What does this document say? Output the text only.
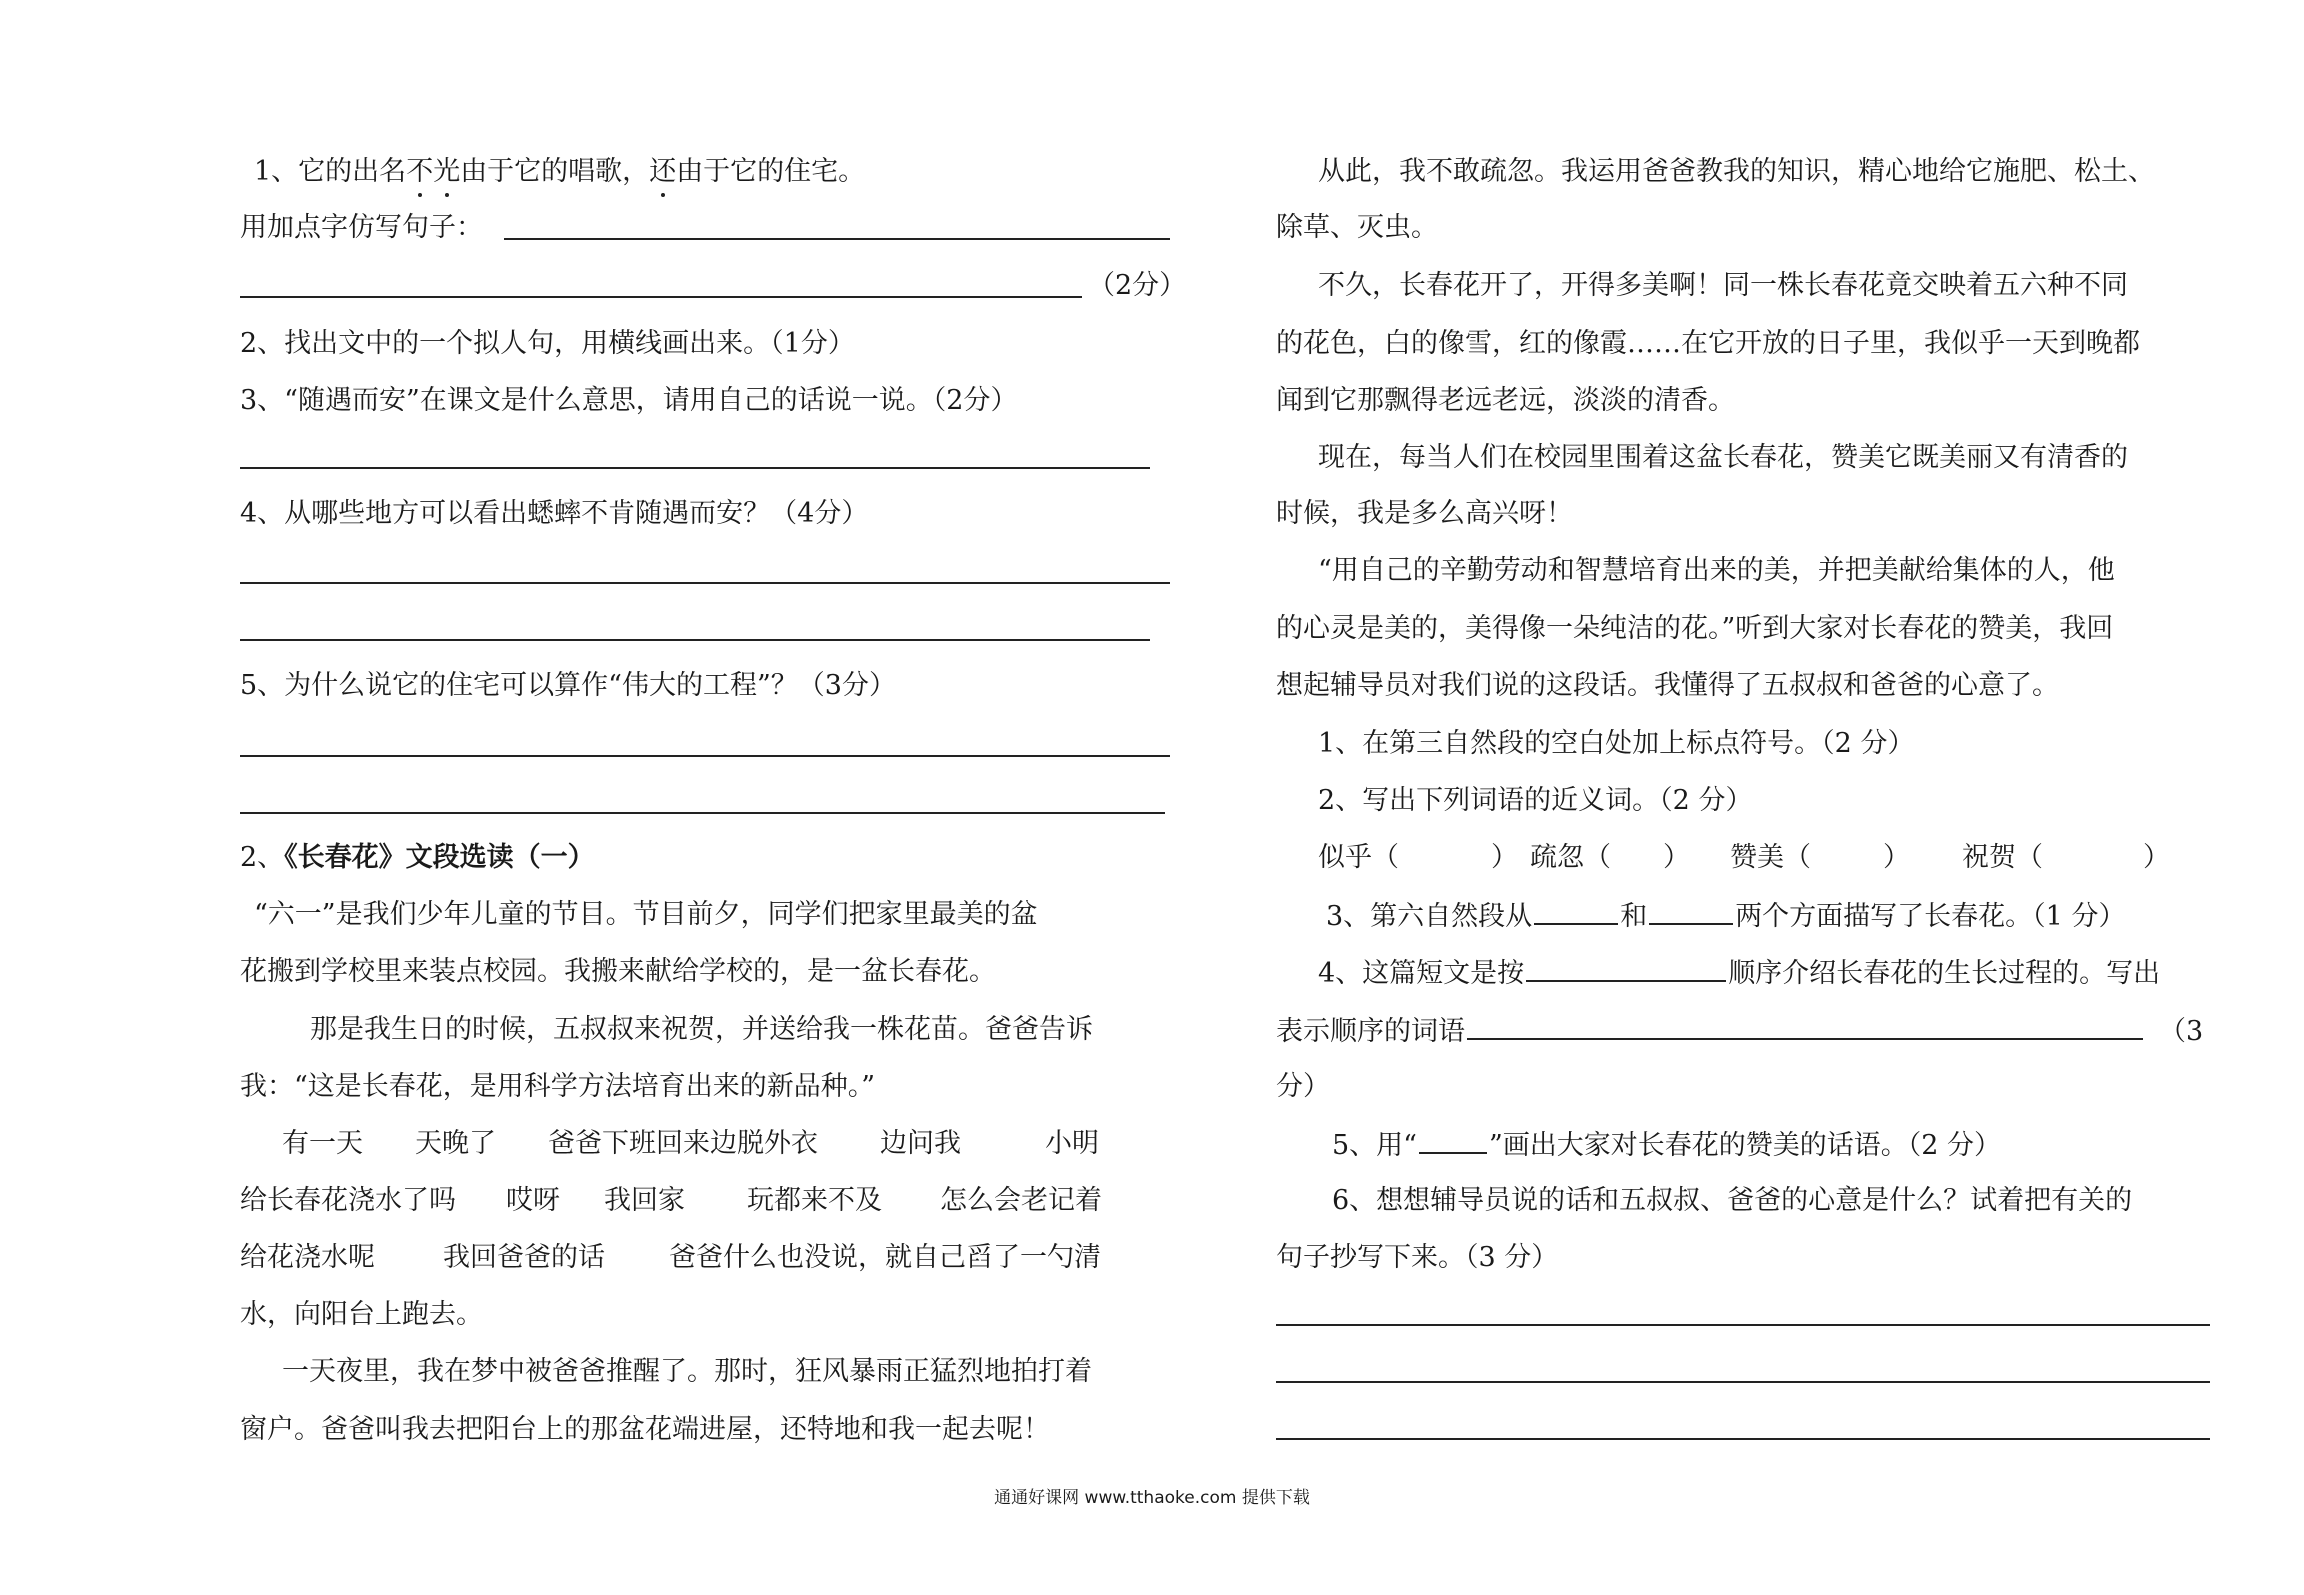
1、它的出名不光由于它的唱歌，还由于它的住宅。
用加点字仿写句子：
（2分）
2、找出文中的一个拟人句，用横线画出来。（1分）
3、“随遇而安”在课文是什么意思，请用自己的话说一说。（2分）
4、从哪些地方可以看出蟋蟀不肯随遇而安？（4分）
5、为什么说它的住宅可以算作“伟大的工程”？（3分）
2、《长春花》文段选读（一）
“六一”是我们少年儿童的节目。节目前夕，同学们把家里最美的盆
花搬到学校里来装点校园。我搬来献给学校的，是一盆长春花。
那是我生日的时候，五叔叔来祝贺，并送给我一株花苗。爸爸告诉
我：“这是长春花，是用科学方法培育出来的新品种。”
有一天 天晚了 爸爸下班回来边脱外衣 边问我	小明
给长春花浇水了吗 哎呀 我回家 玩都来不及 怎么会老记着
给花浇水呢	我回爸爸的话 爸爸什么也没说，就自己舀了一勺清
水，向阳台上跑去。
一天夜里，我在梦中被爸爸推醒了。那时，狂风暴雨正猛烈地拍打着
窗户。爸爸叫我去把阳台上的那盆花端进屋，还特地和我一起去呢！
从此，我不敢疏忽。我运用爸爸教我的知识，精心地给它施肥、松土、
除草、灭虫。
不久，长春花开了，开得多美啊！同一株长春花竟交映着五六种不同
的花色，白的像雪，红的像霞……在它开放的日子里，我似乎一天到晚都
闻到它那飘得老远老远，淡淡的清香。
现在，每当人们在校园里围着这盆长春花，赞美它既美丽又有清香的
时候，我是多么高兴呀！
“用自己的辛勤劳动和智慧培育出来的美，并把美献给集体的人，他
的心灵是美的，美得像一朵纯洁的花。”听到大家对长春花的赞美，我回
想起辅导员对我们说的这段话。我懂得了五叔叔和爸爸的心意了。
1、在第三自然段的空白处加上标点符号。（2 分）
2、写出下列词语的近义词。（2 分）
似乎（	） 疏忽（ ） 赞美（	） 祝贺（	）
3、第六自然段从	和	两个方面描写了长春花。（1 分）
4、这篇短文是按	顺序介绍长春花的生长过程的。写出
表示顺序的词语	（3
分）
5、用“	”画出大家对长春花的赞美的话语。（2 分）
6、想想辅导员说的话和五叔叔、爸爸的心意是什么？试着把有关的
句子抄写下来。（3 分）
通通好课网 www.tthaoke.com 提供下载
